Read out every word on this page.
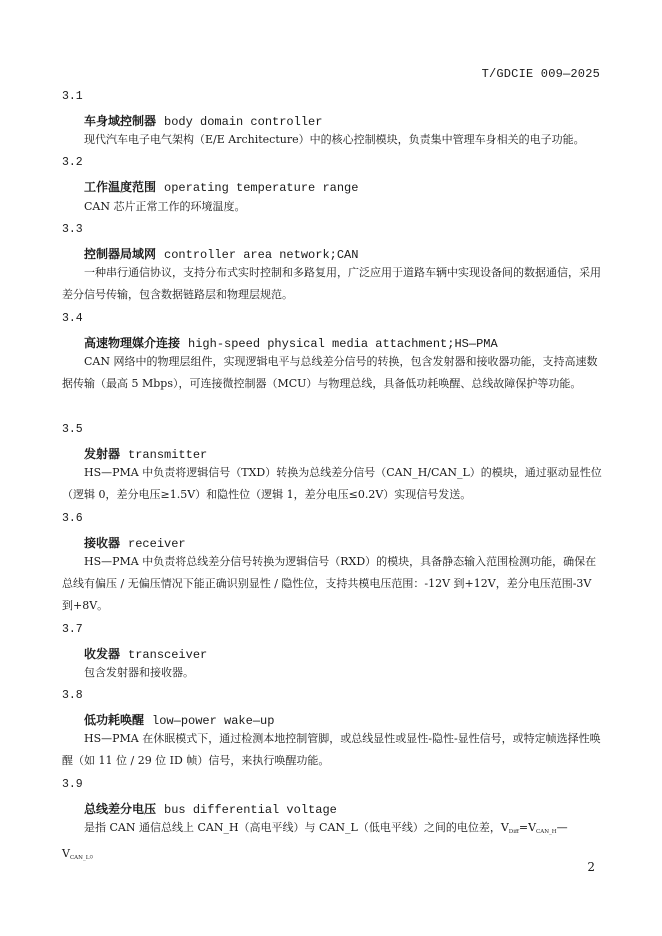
T/GDCIE 009—2025
3.1
车身域控制器 body domain controller
现代汽车电子电气架构（E/E Architecture）中的核心控制模块，负责集中管理车身相关的电子功能。
3.2
工作温度范围 operating temperature range
CAN 芯片正常工作的环境温度。
3.3
控制器局域网 controller area network;CAN
一种串行通信协议，支持分布式实时控制和多路复用，广泛应用于道路车辆中实现设备间的数据通信，采用差分信号传输，包含数据链路层和物理层规范。
3.4
高速物理媒介连接 high-speed physical media attachment;HS—PMA
CAN 网络中的物理层组件，实现逻辑电平与总线差分信号的转换，包含发射器和接收器功能，支持高速数据传输（最高 5 Mbps），可连接微控制器（MCU）与物理总线，具备低功耗唤醒、总线故障保护等功能。
3.5
发射器 transmitter
HS—PMA 中负责将逻辑信号（TXD）转换为总线差分信号（CAN_H/CAN_L）的模块，通过驱动显性位（逻辑 0，差分电压≥1.5V）和隐性位（逻辑 1，差分电压≤0.2V）实现信号发送。
3.6
接收器 receiver
HS—PMA 中负责将总线差分信号转换为逻辑信号（RXD）的模块，具备静态输入范围检测功能，确保在总线有偏压 / 无偏压情况下能正确识别显性 / 隐性位，支持共模电压范围：-12V 到+12V，差分电压范围-3V 到+8V。
3.7
收发器 transceiver
包含发射器和接收器。
3.8
低功耗唤醒 low—power wake—up
HS—PMA 在休眠模式下，通过检测本地控制管脚，或总线显性或显性-隐性-显性信号，或特定帧选择性唤醒（如 11 位 / 29 位 ID 帧）信号，来执行唤醒功能。
3.9
总线差分电压 bus differential voltage
是指 CAN 通信总线上 CAN_H（高电平线）与 CAN_L（低电平线）之间的电位差，$V_{Diff}=V_{CAN\_H}—V_{CAN\_L}$。
2
